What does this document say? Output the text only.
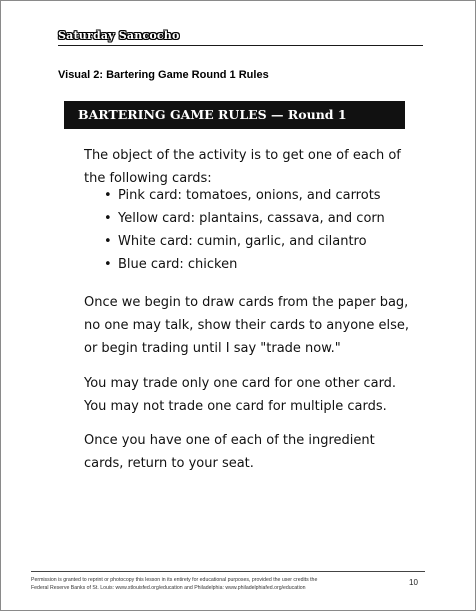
Saturday Sancocho
Visual 2: Bartering Game Round 1 Rules
BARTERING GAME RULES — Round 1
The object of the activity is to get one of each of
the following cards:
• Pink card: tomatoes, onions, and carrots
• Yellow card: plantains, cassava, and corn
• White card: cumin, garlic, and cilantro
• Blue card: chicken
Once we begin to draw cards from the paper bag,
no one may talk, show their cards to anyone else,
or begin trading until I say "trade now."
You may trade only one card for one other card.
You may not trade one card for multiple cards.
Once you have one of each of the ingredient
cards, return to your seat.
Permission is granted to reprint or photocopy this lesson in its entirety for educational purposes, provided the user credits the
Federal Reserve Banks of St. Louis: www.stlouisfed.org/education and Philadelphia: www.philadelphiafed.org/education
10
